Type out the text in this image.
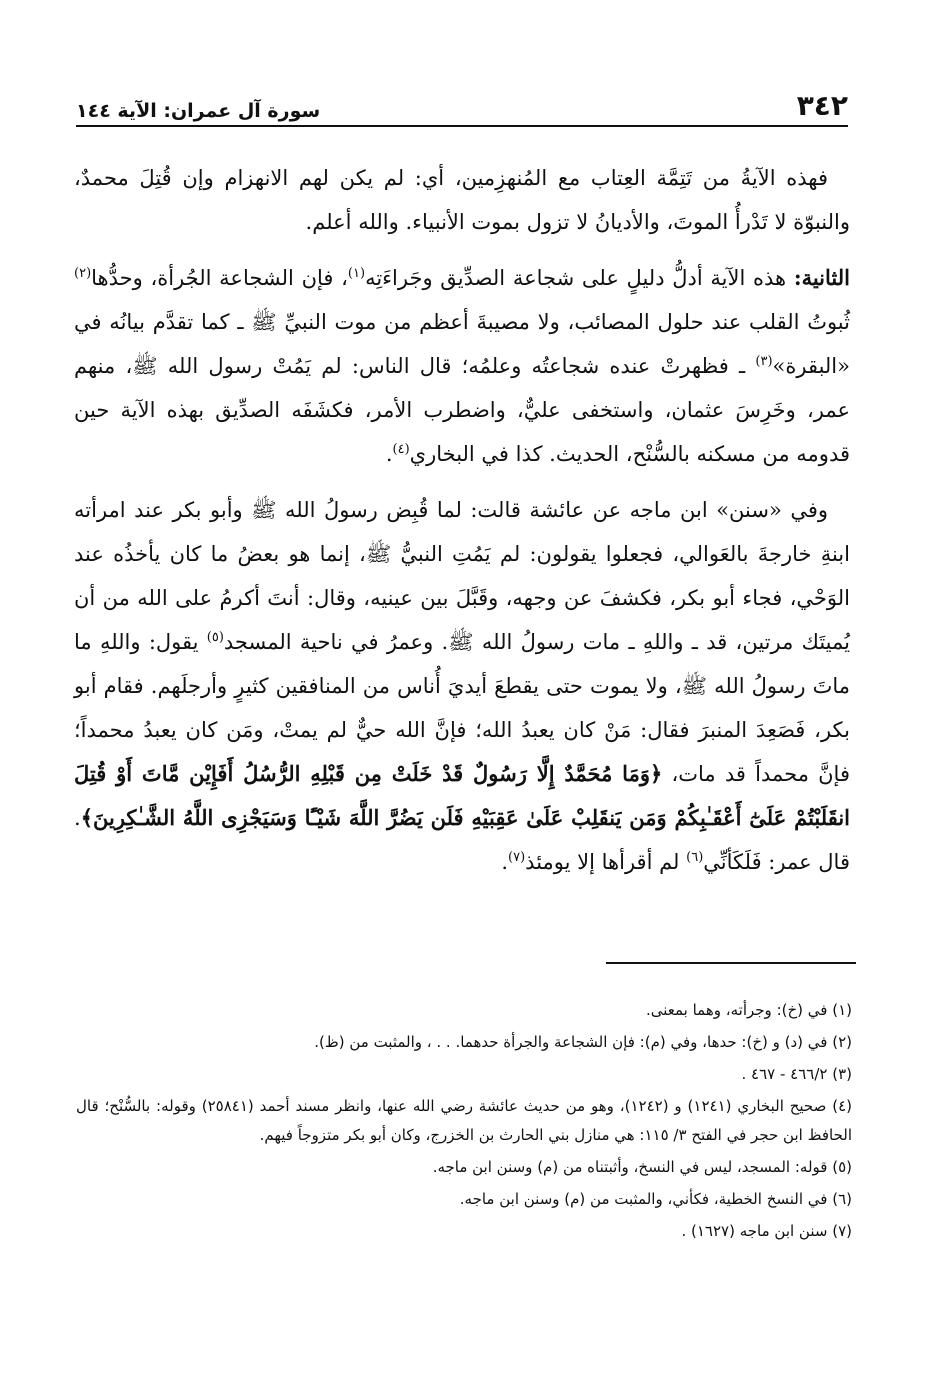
٣٤٢
سورة آل عمران: الآية ١٤٤

فهذه الآيةُ من تَتِمَّة العِتاب مع المُنهزِمين، أي: لم يكن لهم الانهزام وإن قُتِلَ محمدٌ، والنبوّة لا تَدْرأُ الموتَ، والأديانُ لا تزول بموت الأنبياء. والله أعلم.

الثانية: هذه الآية أدلُّ دليلٍ على شجاعة الصدِّيق وجَراءَتِه$^{(١)}$، فإن الشجاعة الجُرأة، وحدُّها$^{(٢)}$ ثُبوتُ القلب عند حلول المصائب، ولا مصيبةَ أعظم من موت النبيِّ ﷺ ـ كما تقدَّم بيانُه في «البقرة»$^{(٣)}$ ـ فظهرتْ عنده شجاعتُه وعلمُه؛ قال الناس: لم يَمُتْ رسول الله ﷺ، منهم عمر، وخَرِسَ عثمان، واستخفى عليٌّ، واضطرب الأمر، فكشَفَه الصدِّيق بهذه الآية حين قدومه من مسكنه بالسُّنْح، الحديث. كذا في البخاري$^{(٤)}$.

وفي «سنن» ابن ماجه عن عائشة قالت: لما قُبِض رسولُ الله ﷺ وأبو بكر عند امرأته ابنةِ خارجةَ بالعَوالي، فجعلوا يقولون: لم يَمُتِ النبيُّ ﷺ، إنما هو بعضُ ما كان يأخذُه عند الوَحْي، فجاء أبو بكر، فكشفَ عن وجهه، وقَبَّلَ بين عينيه، وقال: أنتَ أكرمُ على الله من أن يُميتَك مرتين، قد ـ واللهِ ـ مات رسولُ الله ﷺ. وعمرُ في ناحية المسجد$^{(٥)}$ يقول: واللهِ ما ماتَ رسولُ الله ﷺ، ولا يموت حتى يقطعَ أيديَ أُناس من المنافقين كثيرٍ وأرجلَهم. فقام أبو بكر، فَصَعِدَ المنبرَ فقال: مَنْ كان يعبدُ الله؛ فإنَّ الله حيٌّ لم يمتْ، ومَن كان يعبدُ محمداً؛ فإنَّ محمداً قد مات، ﴿وَمَا مُحَمَّدٌ إِلَّا رَسُولٌ قَدْ خَلَتْ مِن قَبْلِهِ الرُّسُلُ أَفَإِيْن مَّاتَ أَوْ قُتِلَ انقَلَبْتُمْ عَلَىٰٓ أَعْقَـٰبِكُمْ وَمَن يَنقَلِبْ عَلَىٰ عَقِبَيْهِ فَلَن يَضُرَّ اللَّهَ شَيْـًٔا وَسَيَجْزِى اللَّهُ الشَّـٰكِرِينَ﴾. قال عمر: فَلَكَأنِّي$^{(٦)}$ لم أقرأها إلا يومئذ$^{(٧)}$.

(١) في (خ): وجرأته، وهما بمعنى.

(٢) في (د) و (خ): حدها، وفي (م): فإن الشجاعة والجرأة حدهما. . . ، والمثبت من (ظ).

(٣) ٤٦٦/٢ - ٤٦٧ .

(٤) صحيح البخاري (١٢٤١) و (١٢٤٢)، وهو من حديث عائشة رضي الله عنها، وانظر مسند أحمد (٢٥٨٤١) وقوله: بالسُّنْح؛ قال الحافظ ابن حجر في الفتح ٣/ ١١٥: هي منازل بني الحارث بن الخزرج، وكان أبو بكر متزوجاً فيهم.

(٥) قوله: المسجد، ليس في النسخ، وأثبتناه من (م) وسنن ابن ماجه.

(٦) في النسخ الخطية، فكأني، والمثبت من (م) وسنن ابن ماجه.

(٧) سنن ابن ماجه (١٦٢٧) .
